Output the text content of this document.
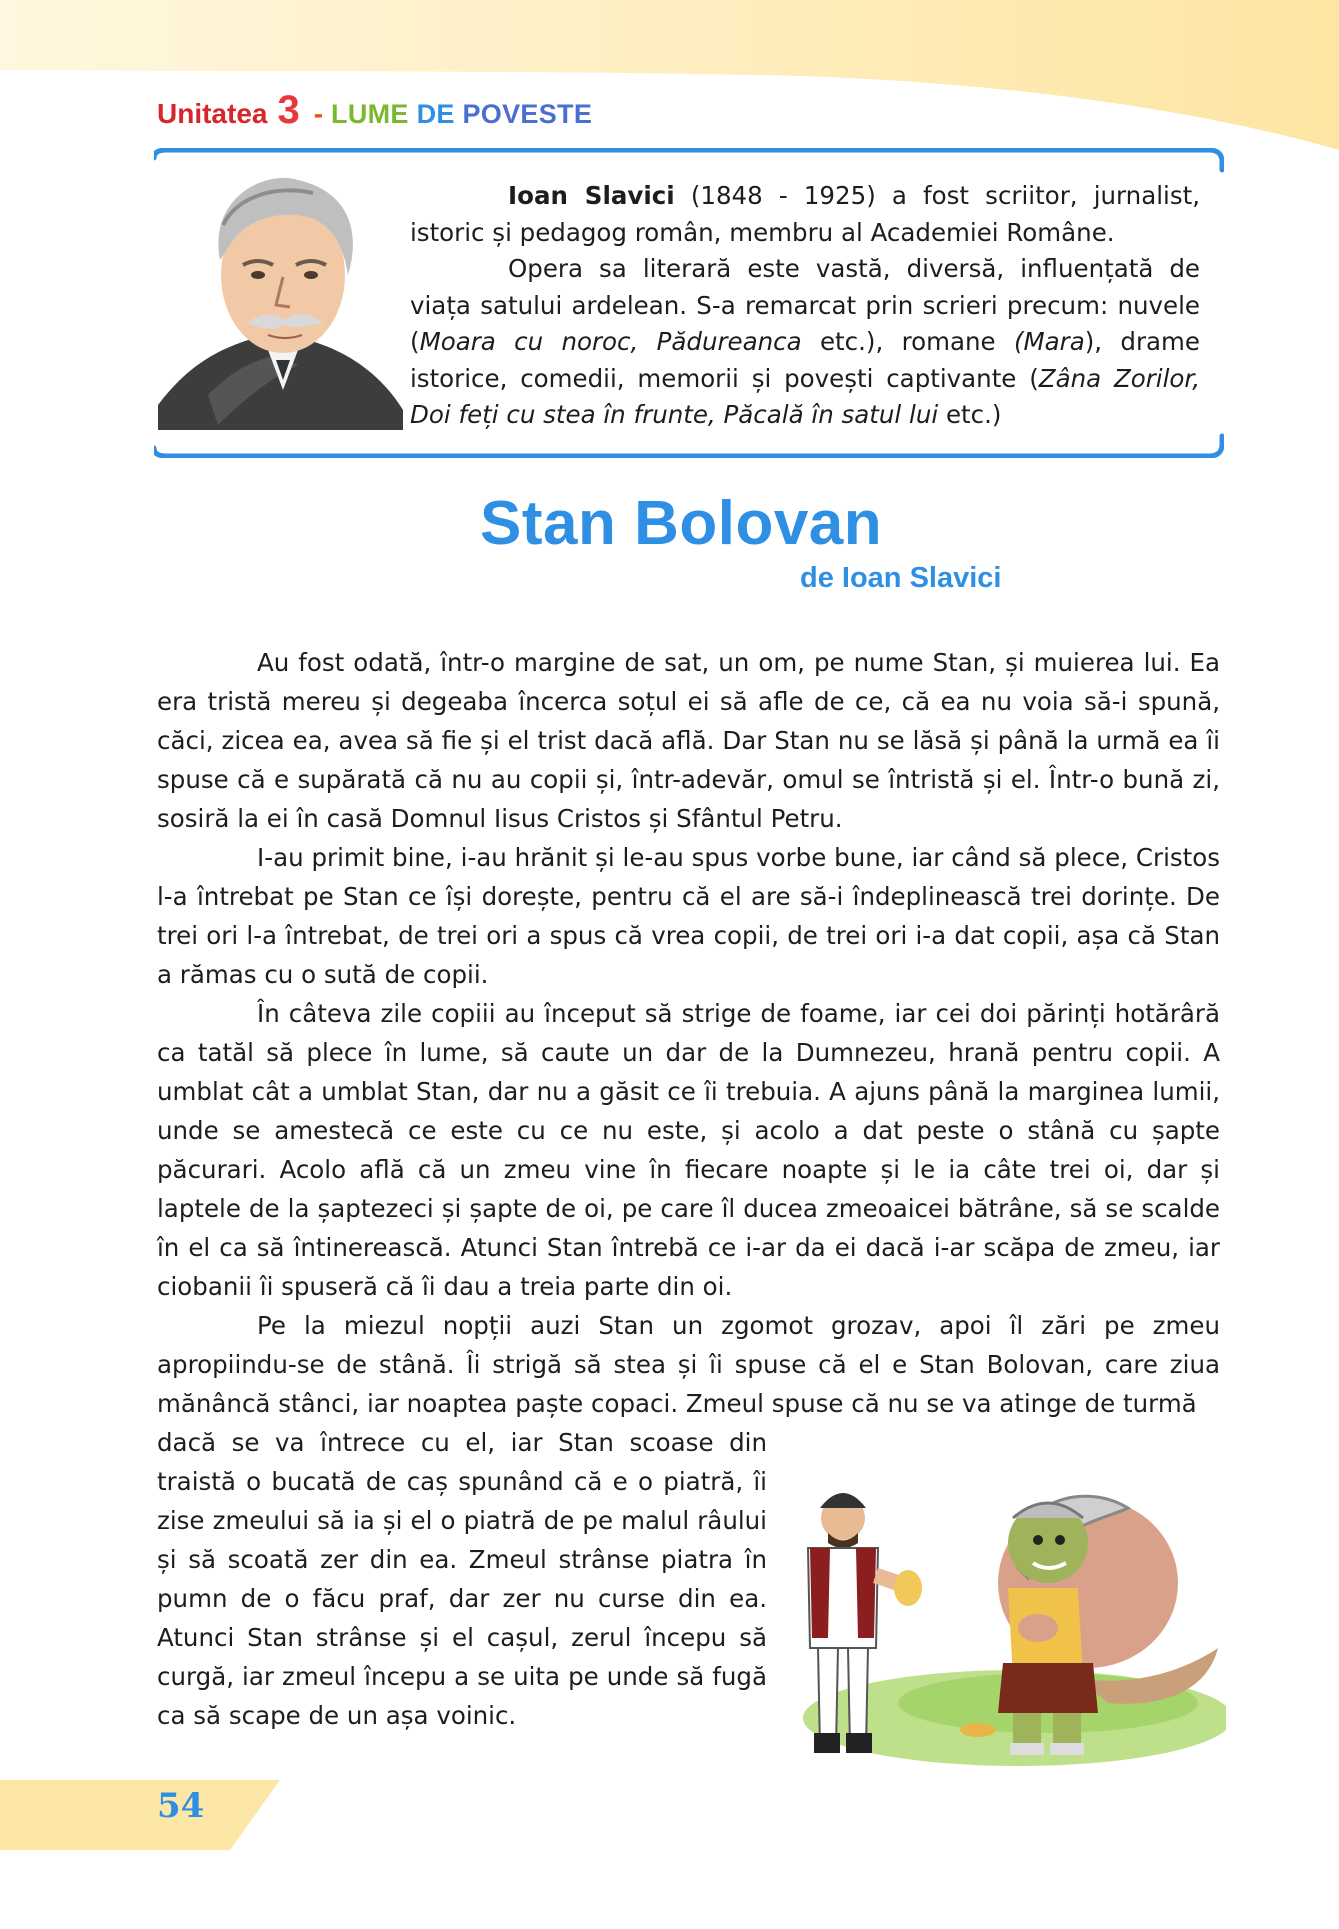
Unitatea 3 - LUME DE POVESTE

Ioan Slavici (1848 - 1925) a fost scriitor, jurnalist, istoric și pedagog român, membru al Academiei Române.

Opera sa literară este vastă, diversă, influențată de viața satului ardelean. S-a remarcat prin scrieri precum: nuvele (Moara cu noroc, Pădureanca etc.), romane (Mara), drame istorice, comedii, memorii și povești captivante (Zâna Zorilor, Doi feți cu stea în frunte, Păcală în satul lui etc.)

Stan Bolovan
de Ioan Slavici

Au fost odată, într-o margine de sat, un om, pe nume Stan, și muierea lui. Ea era tristă mereu și degeaba încerca soțul ei să afle de ce, că ea nu voia să-i spună, căci, zicea ea, avea să fie și el trist dacă află. Dar Stan nu se lăsă și până la urmă ea îi spuse că e supărată că nu au copii și, într-adevăr, omul se întristă și el. Într-o bună zi, sosiră la ei în casă Domnul Iisus Cristos și Sfântul Petru.

I-au primit bine, i-au hrănit și le-au spus vorbe bune, iar când să plece, Cristos l-a întrebat pe Stan ce își dorește, pentru că el are să-i îndeplinească trei dorințe. De trei ori l-a întrebat, de trei ori a spus că vrea copii, de trei ori i-a dat copii, așa că Stan a rămas cu o sută de copii.

În câteva zile copiii au început să strige de foame, iar cei doi părinți hotărâră ca tatăl să plece în lume, să caute un dar de la Dumnezeu, hrană pentru copii. A umblat cât a umblat Stan, dar nu a găsit ce îi trebuia. A ajuns până la marginea lumii, unde se amestecă ce este cu ce nu este, și acolo a dat peste o stână cu șapte păcurari. Acolo află că un zmeu vine în fiecare noapte și le ia câte trei oi, dar și laptele de la șaptezeci și șapte de oi, pe care îl ducea zmeoaicei bătrâne, să se scalde în el ca să întinerească. Atunci Stan întrebă ce i-ar da ei dacă i-ar scăpa de zmeu, iar ciobanii îi spuseră că îi dau a treia parte din oi.

Pe la miezul nopții auzi Stan un zgomot grozav, apoi îl zări pe zmeu apropiindu-se de stână. Îi strigă să stea și îi spuse că el e Stan Bolovan, care ziua mănâncă stânci, iar noaptea paște copaci. Zmeul spuse că nu se va atinge de turmă

dacă se va întrece cu el, iar Stan scoase din traistă o bucată de caș spunând că e o piatră, îi zise zmeului să ia și el o piatră de pe malul râului și să scoată zer din ea. Zmeul strânse piatra în pumn de o făcu praf, dar zer nu curse din ea. Atunci Stan strânse și el cașul, zerul începu să curgă, iar zmeul începu a se uita pe unde să fugă ca să scape de un așa voinic.

54
